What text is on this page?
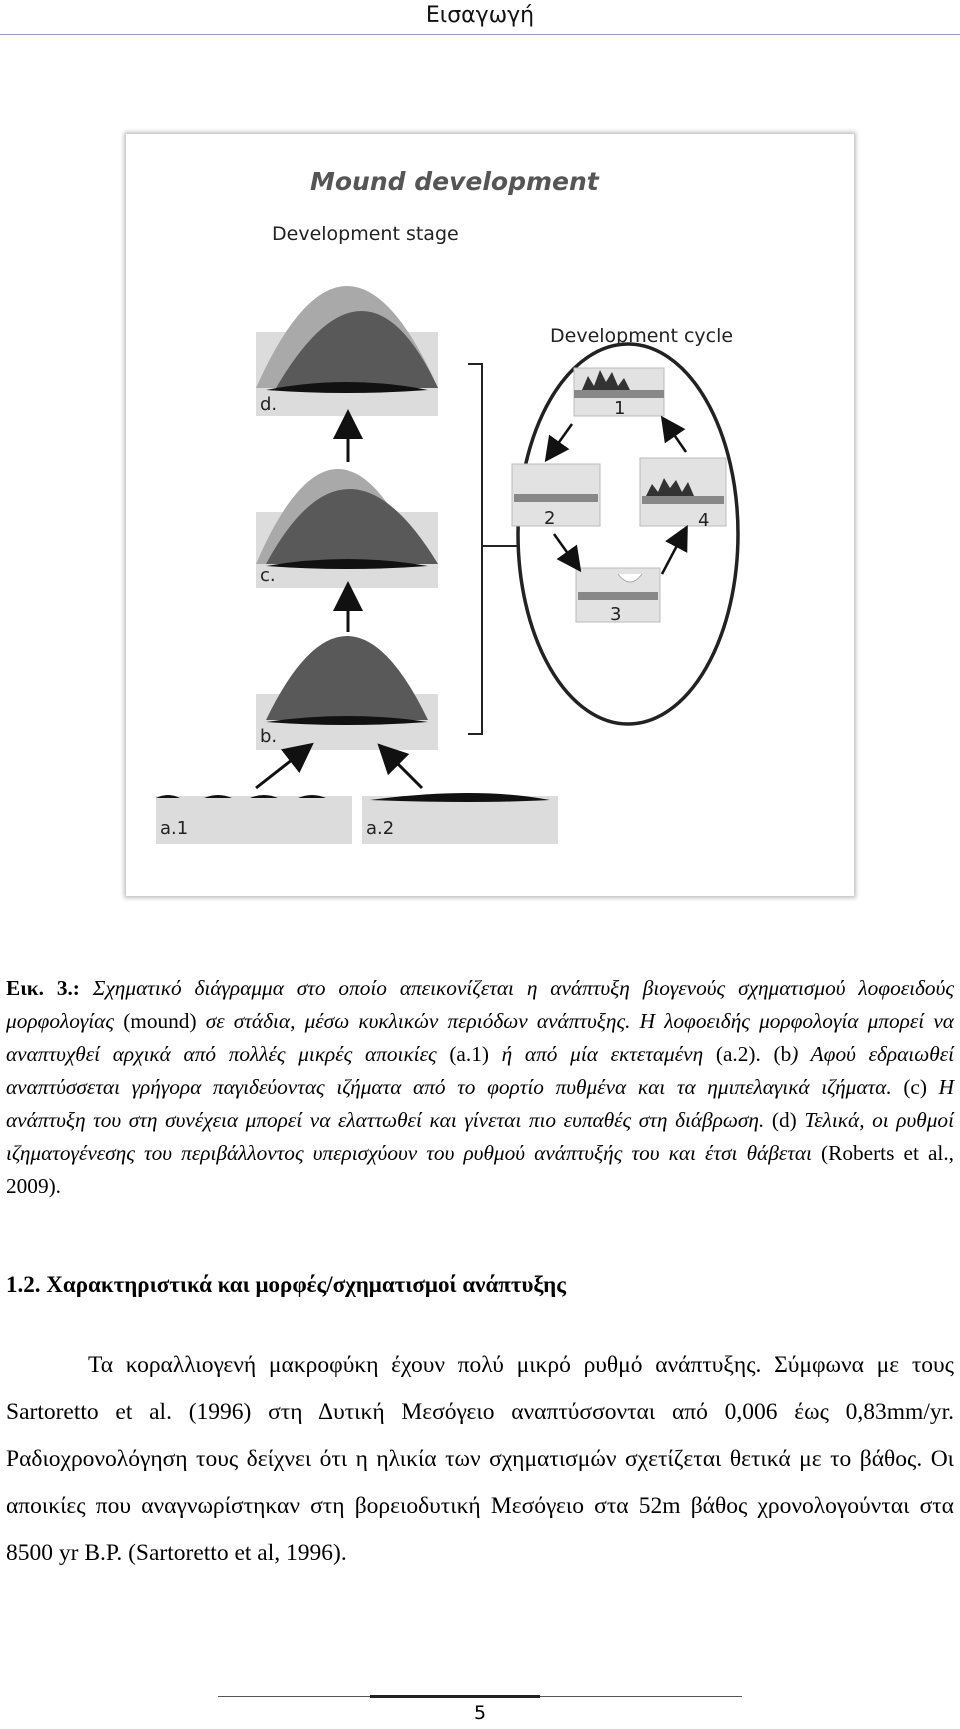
Εισαγωγή
Mound development
Development stage
Development cycle
d.
c.
b.
a.1	a.2
1
2
3
4
Εικ. 3.: Σχηματικό διάγραμμα στο οποίο απεικονίζεται η ανάπτυξη βιογενούς σχηματισμού λοφοειδούς μορφολογίας (mound) σε στάδια, μέσω κυκλικών περιόδων ανάπτυξης. Η λοφοειδής μορφολογία μπορεί να αναπτυχθεί αρχικά από πολλές μικρές αποικίες (a.1) ή από μία εκτεταμένη (a.2). (b) Αφού εδραιωθεί αναπτύσσεται γρήγορα παγιδεύοντας ιζήματα από το φορτίο πυθμένα και τα ημιπελαγικά ιζήματα. (c) Η ανάπτυξη του στη συνέχεια μπορεί να ελαττωθεί και γίνεται πιο ευπαθές στη διάβρωση. (d) Τελικά, οι ρυθμοί ιζηματογένεσης του περιβάλλοντος υπερισχύουν του ρυθμού ανάπτυξής του και έτσι θάβεται (Roberts et al., 2009).
1.2. Χαρακτηριστικά και μορφές/σχηματισμοί ανάπτυξης
Τα κοραλλιογενή μακροφύκη έχουν πολύ μικρό ρυθμό ανάπτυξης. Σύμφωνα με τους Sartoretto et al. (1996) στη Δυτική Μεσόγειο αναπτύσσονται από 0,006 έως 0,83mm/yr. Ραδιοχρονολόγηση τους δείχνει ότι η ηλικία των σχηματισμών σχετίζεται θετικά με το βάθος. Οι αποικίες που αναγνωρίστηκαν στη βορειοδυτική Μεσόγειο στα 52m βάθος χρονολογούνται στα 8500 yr B.P. (Sartoretto et al, 1996).
5
